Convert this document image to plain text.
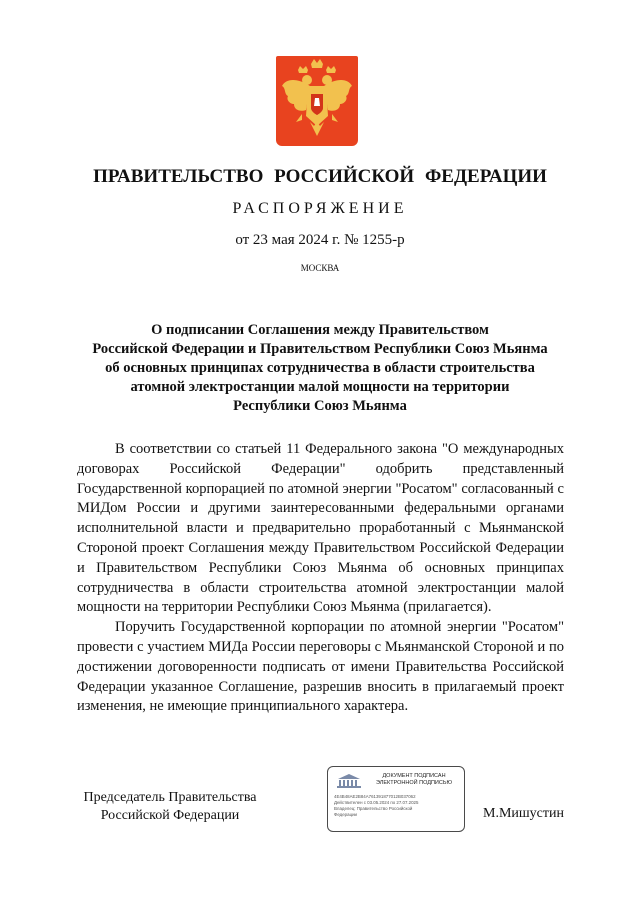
ПРАВИТЕЛЬСТВО РОССИЙСКОЙ ФЕДЕРАЦИИ
РАСПОРЯЖЕНИЕ
от 23 мая 2024 г. № 1255-р
МОСКВА
О подписании Соглашения между Правительством
Российской Федерации и Правительством Республики Союз Мьянма
об основных принципах сотрудничества в области строительства
атомной электростанции малой мощности на территории
Республики Союз Мьянма

В соответствии со статьей 11 Федерального закона "О международных договорах Российской Федерации" одобрить представленный Государственной корпорацией по атомной энергии "Росатом" согласованный с МИДом России и другими заинтересованными федеральными органами исполнительной власти и предварительно проработанный с Мьянманской Стороной проект Соглашения между Правительством Российской Федерации и Правительством Республики Союз Мьянма об основных принципах сотрудничества в области строительства атомной электростанции малой мощности на территории Республики Союз Мьянма (прилагается).

Поручить Государственной корпорации по атомной энергии "Росатом" провести с участием МИДа России переговоры с Мьянманской Стороной и по достижении договоренности подписать от имени Правительства Российской Федерации указанное Соглашение, разрешив вносить в прилагаемый проект изменения, не имеющие принципиального характера.

Председатель Правительства
Российской Федерации
ДОКУМЕНТ ПОДПИСАН
ЭЛЕКТРОННОЙ ПОДПИСЬЮ
4E4B48AE2B84A761391877012B037062
Действителен с 03.05.2024 по 27.07.2025
Владелец: Правительство Российской
Федерации	М.Мишустин
